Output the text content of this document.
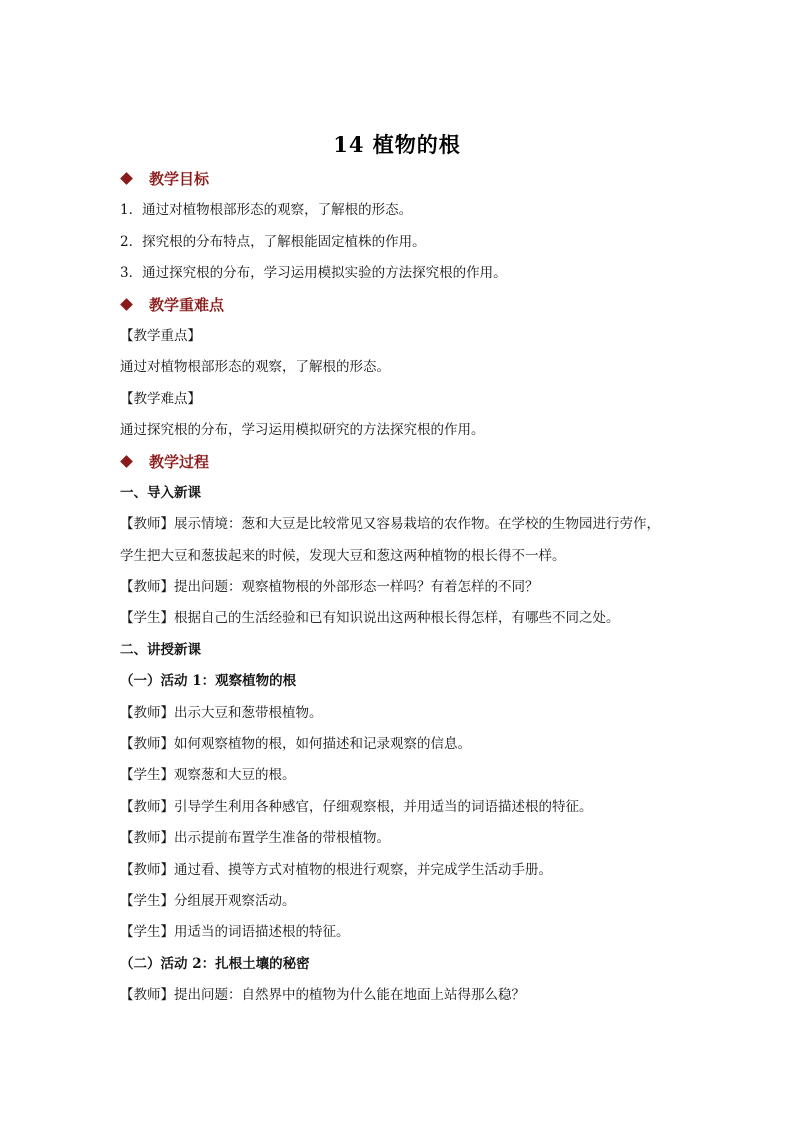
14 植物的根
教学目标
1．通过对植物根部形态的观察，了解根的形态。
2．探究根的分布特点，了解根能固定植株的作用。
3．通过探究根的分布，学习运用模拟实验的方法探究根的作用。
教学重难点
【教学重点】
通过对植物根部形态的观察，了解根的形态。
【教学难点】
通过探究根的分布，学习运用模拟研究的方法探究根的作用。
教学过程
一、导入新课
【教师】展示情境：葱和大豆是比较常见又容易栽培的农作物。在学校的生物园进行劳作，
学生把大豆和葱拔起来的时候，发现大豆和葱这两种植物的根长得不一样。
【教师】提出问题：观察植物根的外部形态一样吗？有着怎样的不同？
【学生】根据自己的生活经验和已有知识说出这两种根长得怎样，有哪些不同之处。
二、讲授新课
（一）活动 1：观察植物的根
【教师】出示大豆和葱带根植物。
【教师】如何观察植物的根，如何描述和记录观察的信息。
【学生】观察葱和大豆的根。
【教师】引导学生利用各种感官，仔细观察根，并用适当的词语描述根的特征。
【教师】出示提前布置学生准备的带根植物。
【教师】通过看、摸等方式对植物的根进行观察，并完成学生活动手册。
【学生】分组展开观察活动。
【学生】用适当的词语描述根的特征。
（二）活动 2：扎根土壤的秘密
【教师】提出问题：自然界中的植物为什么能在地面上站得那么稳？
